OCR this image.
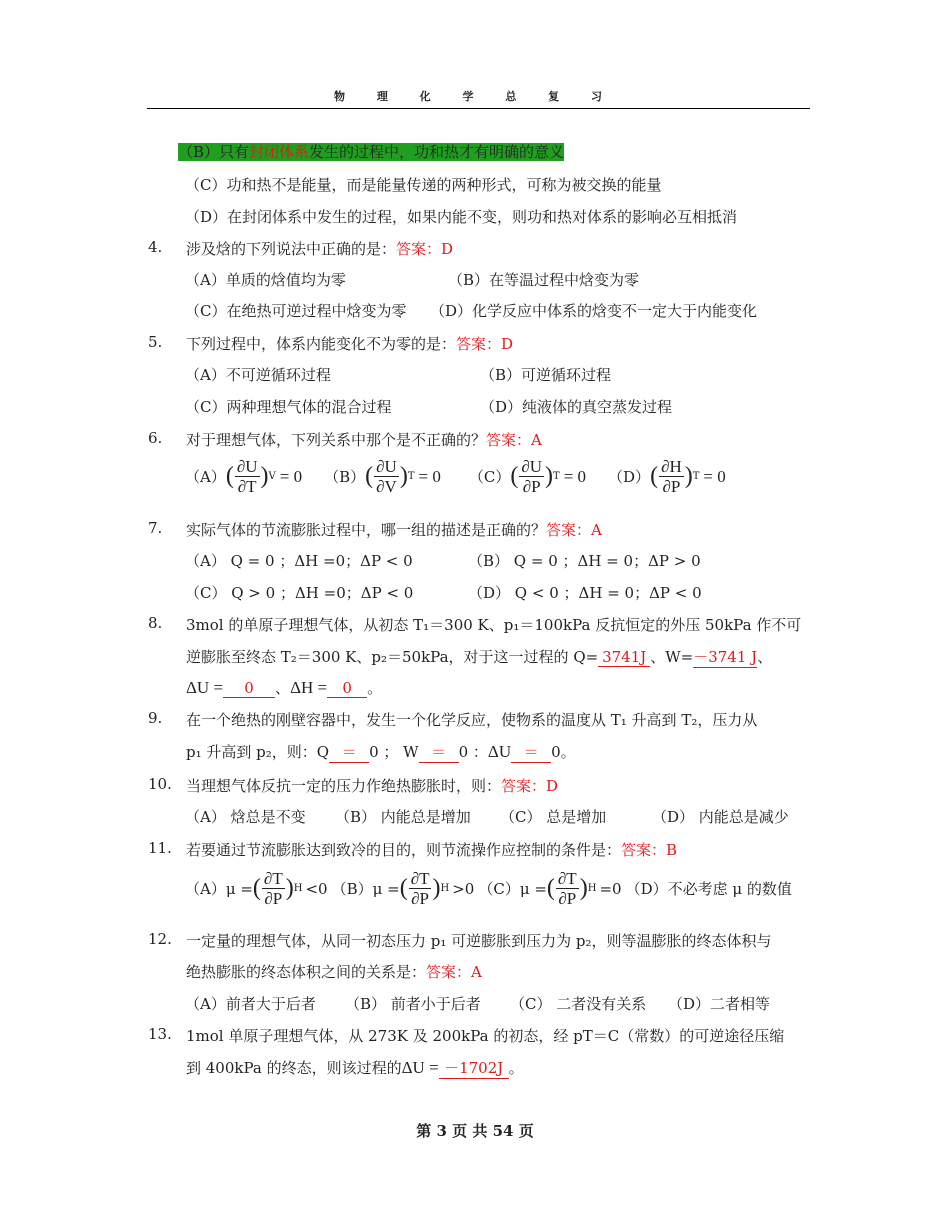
物 理 化 学 总 复 习
（B）只有封闭体系发生的过程中，功和热才有明确的意义
（C）功和热不是能量，而是能量传递的两种形式，可称为被交换的能量
（D）在封闭体系中发生的过程，如果内能不变，则功和热对体系的影响必互相抵消
4. 涉及焓的下列说法中正确的是：答案：D
（A）单质的焓值均为零	（B）在等温过程中焓变为零
（C）在绝热可逆过程中焓变为零 （D）化学反应中体系的焓变不一定大于内能变化
5. 下列过程中，体系内能变化不为零的是：答案：D
（A）不可逆循环过程	（B）可逆循环过程
（C）两种理想气体的混合过程	（D）纯液体的真空蒸发过程
6. 对于理想气体，下列关系中那个是不正确的？答案：A
（A） ( $\frac{\partial U}{\partial T}$ ) V = 0 （B） ( $\frac{\partial U}{\partial V}$ ) T = 0 （C） ( $\frac{\partial U}{\partial P}$ ) T = 0 （D） ( $\frac{\partial H}{\partial P}$ ) T = 0
7. 实际气体的节流膨胀过程中，哪一组的描述是正确的？答案：A
（A） Q = 0 ；ΔH =0；ΔP < 0	（B） Q = 0 ；ΔH = 0；ΔP > 0
（C） Q > 0 ；ΔH =0；ΔP < 0	（D） Q < 0 ；ΔH = 0；ΔP < 0
8. 3mol 的单原子理想气体，从初态 T₁＝300 K、p₁＝100kPa 反抗恒定的外压 50kPa 作不可
逆膨胀至终态 T₂＝300 K、p₂＝50kPa，对于这一过程的 Q= 3741J 、W=－3741 J、
ΔU = 0 、ΔH = 0 。
9. 在一个绝热的刚壁容器中，发生一个化学反应，使物系的温度从 T₁ 升高到 T₂，压力从
p₁ 升高到 p₂，则：Q ＝ 0 ； W ＝ 0 ：ΔU ＝ 0。
10. 当理想气体反抗一定的压力作绝热膨胀时，则：答案：D
（A） 焓总是不变 （B） 内能总是增加 （C） 总是增加	（D） 内能总是减少
11. 若要通过节流膨胀达到致冷的目的，则节流操作应控制的条件是：答案：B
（A）μ = ( $\frac{\partial T}{\partial P}$ ) H <0 （B）μ = ( $\frac{\partial T}{\partial P}$ ) H >0 （C）μ = ( $\frac{\partial T}{\partial P}$ ) H =0 （D）不必考虑 μ 的数值
12. 一定量的理想气体，从同一初态压力 p₁ 可逆膨胀到压力为 p₂，则等温膨胀的终态体积与
绝热膨胀的终态体积之间的关系是：答案：A
（A）前者大于后者 （B） 前者小于后者 （C） 二者没有关系 （D）二者相等
13. 1mol 单原子理想气体，从 273K 及 200kPa 的初态，经 pT＝C（常数）的可逆途径压缩
到 400kPa 的终态，则该过程的ΔU = －1702J 。
第 3 页 共 54 页
